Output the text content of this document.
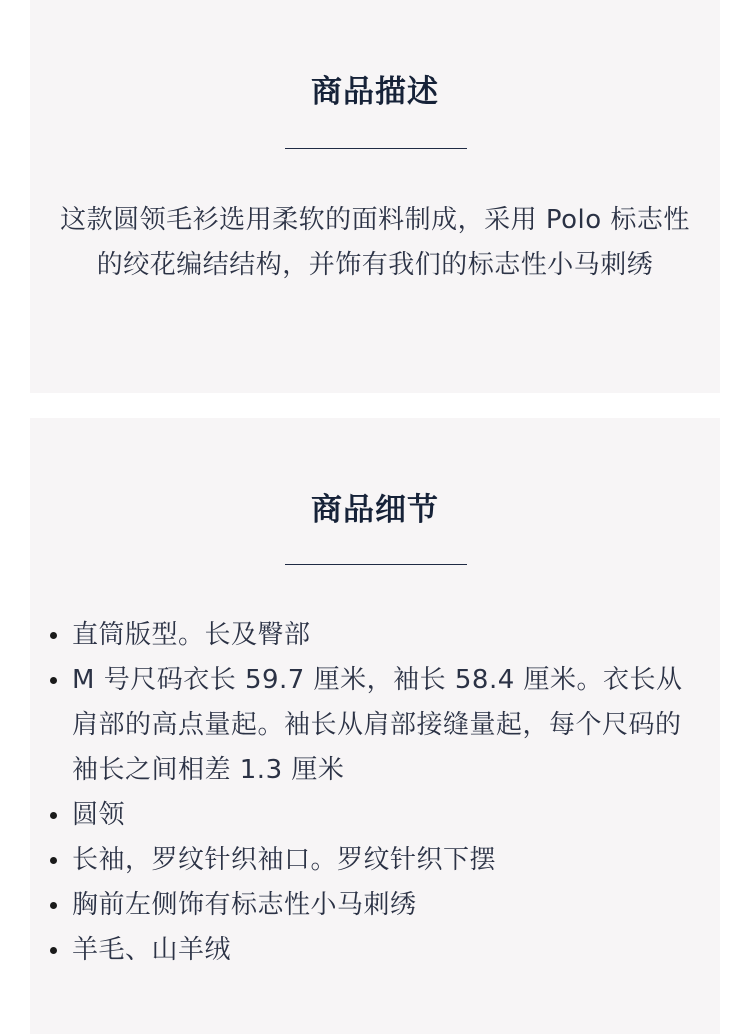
商品描述
这款圆领毛衫选用柔软的面料制成，采用 Polo 标志性的绞花编结结构，并饰有我们的标志性小马刺绣
商品细节
直筒版型。长及臀部
M 号尺码衣长 59.7 厘米，袖长 58.4 厘米。衣长从肩部的高点量起。袖长从肩部接缝量起，每个尺码的袖长之间相差 1.3 厘米
圆领
长袖，罗纹针织袖口。罗纹针织下摆
胸前左侧饰有标志性小马刺绣
羊毛、山羊绒
